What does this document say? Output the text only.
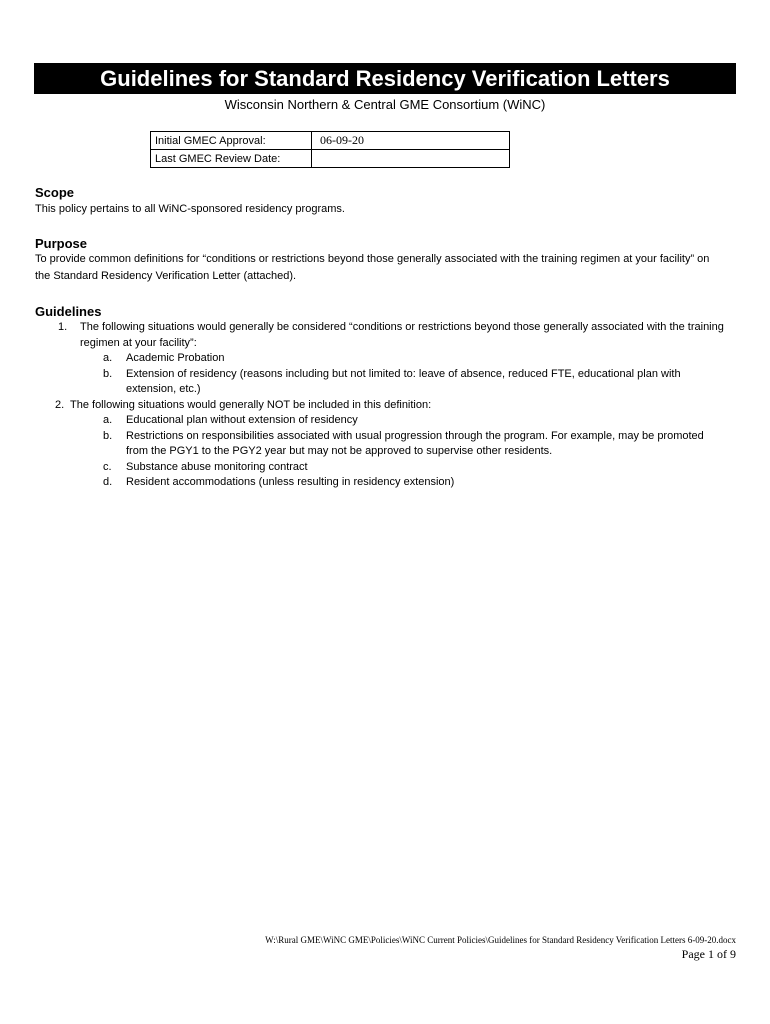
Guidelines for Standard Residency Verification Letters
Wisconsin Northern & Central GME Consortium (WiNC)
Initial GMEC Approval:	06-09-20
Last GMEC Review Date:	
Scope
This policy pertains to all WiNC-sponsored residency programs.
Purpose
To provide common definitions for “conditions or restrictions beyond those generally associated with the training regimen at your facility” on the Standard Residency Verification Letter (attached).
Guidelines
1. The following situations would generally be considered “conditions or restrictions beyond those generally associated with the training regimen at your facility”:
a. Academic Probation
b. Extension of residency (reasons including but not limited to: leave of absence, reduced FTE, educational plan with extension, etc.)
2. The following situations would generally NOT be included in this definition:
a. Educational plan without extension of residency
b. Restrictions on responsibilities associated with usual progression through the program. For example, may be promoted from the PGY1 to the PGY2 year but may not be approved to supervise other residents.
c. Substance abuse monitoring contract
d. Resident accommodations (unless resulting in residency extension)
W:\Rural GME\WiNC GME\Policies\WiNC Current Policies\Guidelines for Standard Residency Verification Letters 6-09-20.docx
Page 1 of 9
